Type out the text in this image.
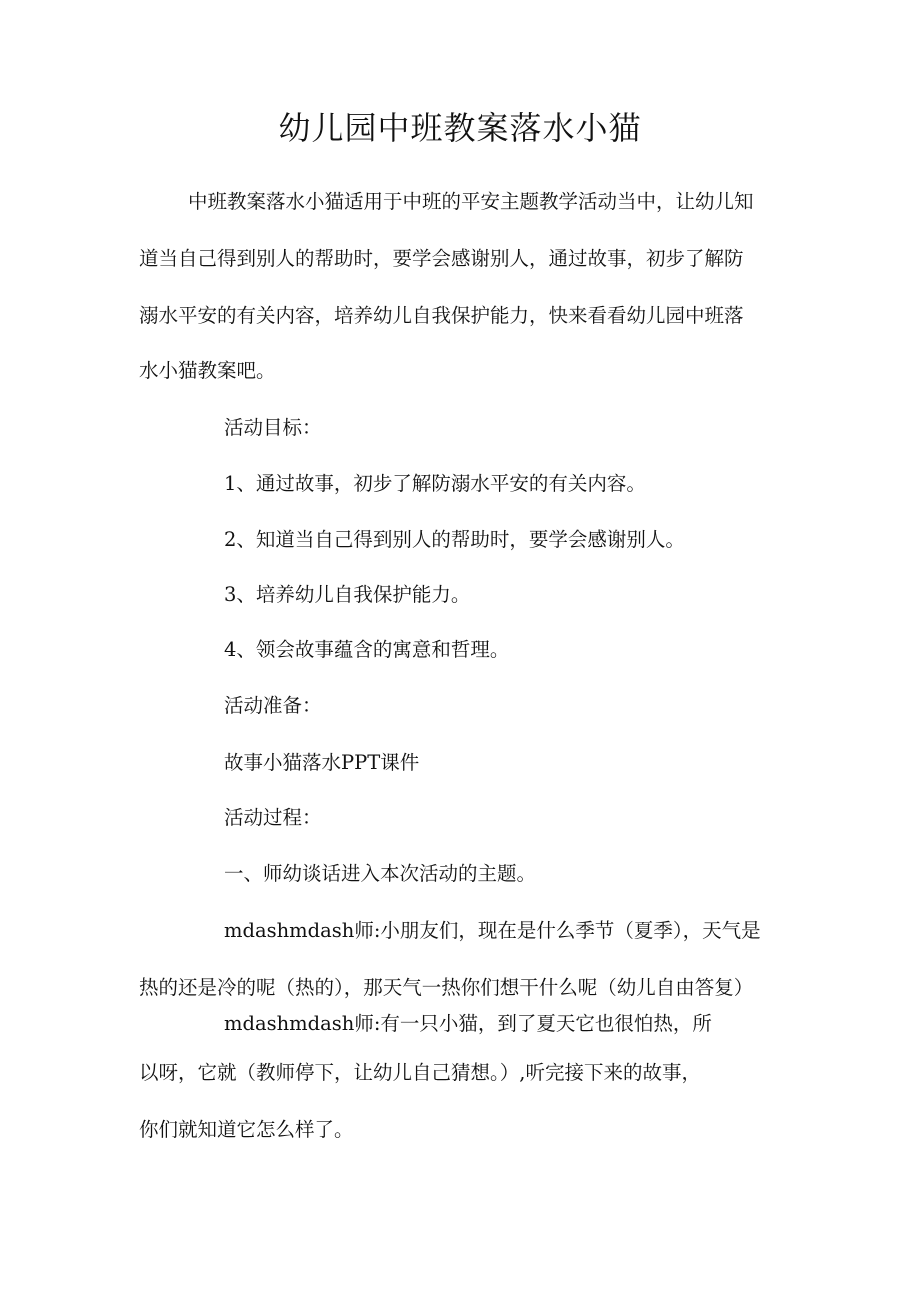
幼儿园中班教案落水小猫

中班教案落水小猫适用于中班的平安主题教学活动当中，让幼儿知

道当自己得到别人的帮助时，要学会感谢别人，通过故事，初步了解防

溺水平安的有关内容，培养幼儿自我保护能力，快来看看幼儿园中班落

水小猫教案吧。

活动目标：

1、通过故事，初步了解防溺水平安的有关内容。

2、知道当自己得到别人的帮助时，要学会感谢别人。

3、培养幼儿自我保护能力。

4、领会故事蕴含的寓意和哲理。

活动准备：

故事小猫落水PPT课件

活动过程：

一、师幼谈话进入本次活动的主题。

mdashmdash师:小朋友们，现在是什么季节（夏季），天气是

热的还是冷的呢（热的），那天气一热你们想干什么呢（幼儿自由答复）

mdashmdash师:有一只小猫，到了夏天它也很怕热，所

以呀，它就（教师停下，让幼儿自己猜想。）,听完接下来的故事，

你们就知道它怎么样了。
